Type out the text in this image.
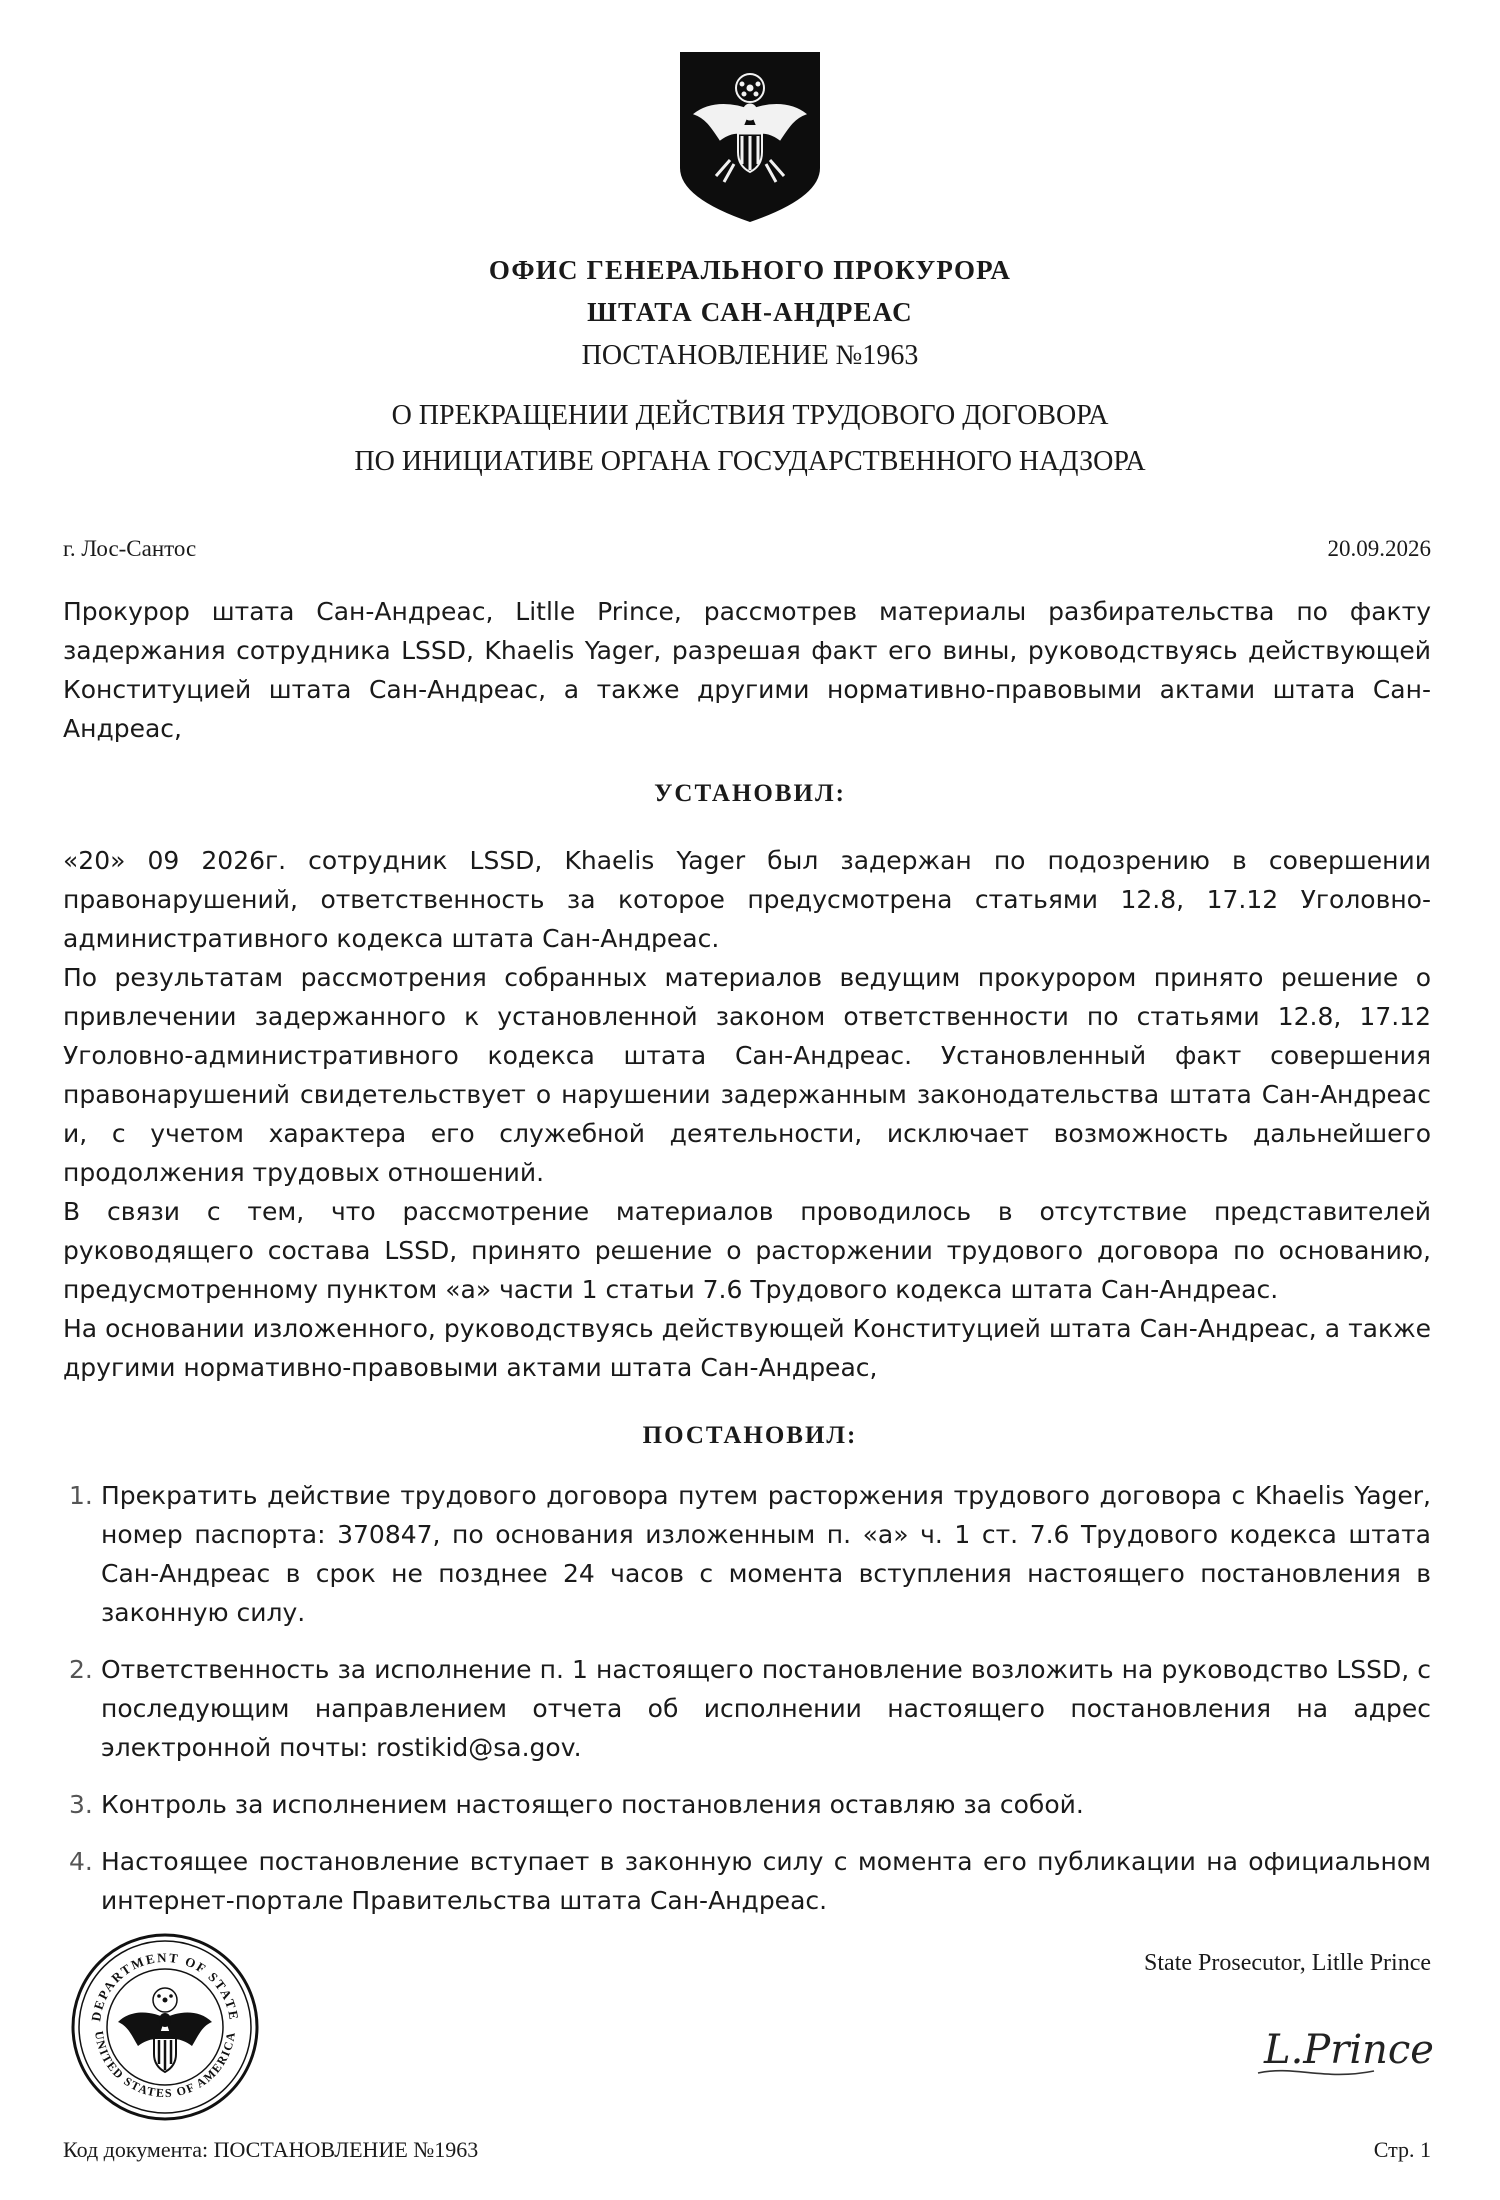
ОФИС ГЕНЕРАЛЬНОГО ПРОКУРОРА
ШТАТА САН-АНДРЕАС
ПОСТАНОВЛЕНИЕ №1963
О ПРЕКРАЩЕНИИ ДЕЙСТВИЯ ТРУДОВОГО ДОГОВОРА
ПО ИНИЦИАТИВЕ ОРГАНА ГОСУДАРСТВЕННОГО НАДЗОРА
г. Лос-Сантос	20.09.2026

Прокурор штата Сан-Андреас, Litlle Prince, рассмотрев материалы разбирательства по факту задержания сотрудника LSSD, Khaelis Yager, разрешая факт его вины, руководствуясь действующей Конституцией штата Сан-Андреас, а также другими нормативно-правовыми актами штата Сан-Андреас,

УСТАНОВИЛ:

«20» 09 2026г. сотрудник LSSD, Khaelis Yager был задержан по подозрению в совершении правонарушений, ответственность за которое предусмотрена статьями 12.8, 17.12 Уголовно-административного кодекса штата Сан-Андреас.

По результатам рассмотрения собранных материалов ведущим прокурором принято решение о привлечении задержанного к установленной законом ответственности по статьями 12.8, 17.12 Уголовно-административного кодекса штата Сан-Андреас. Установленный факт совершения правонарушений свидетельствует о нарушении задержанным законодательства штата Сан-Андреас и, с учетом характера его служебной деятельности, исключает возможность дальнейшего продолжения трудовых отношений.

В связи с тем, что рассмотрение материалов проводилось в отсутствие представителей руководящего состава LSSD, принято решение о расторжении трудового договора по основанию, предусмотренному пунктом «а» части 1 статьи 7.6 Трудового кодекса штата Сан-Андреас.

На основании изложенного, руководствуясь действующей Конституцией штата Сан-Андреас, а также другими нормативно-правовыми актами штата Сан-Андреас,

ПОСТАНОВИЛ:
1. Прекратить действие трудового договора путем расторжения трудового договора с Khaelis Yager, номер паспорта: 370847, по основания изложенным п. «а» ч. 1 ст. 7.6 Трудового кодекса штата Сан-Андреас в срок не позднее 24 часов с момента вступления настоящего постановления в законную силу.
2. Ответственность за исполнение п. 1 настоящего постановление возложить на руководство LSSD, с последующим направлением отчета об исполнении настоящего постановления на адрес электронной почты: rostikid@sa.gov.
3. Контроль за исполнением настоящего постановления оставляю за собой.
4. Настоящее постановление вступает в законную силу с момента его публикации на официальном интернет-портале Правительства штата Сан-Андреас.
DEPARTMENT OF STATE
UNITED STATES OF AMERICA
State Prosecutor, Litlle Prince
L.Prince
Код документа: ПОСТАНОВЛЕНИЕ №1963	Стр. 1
